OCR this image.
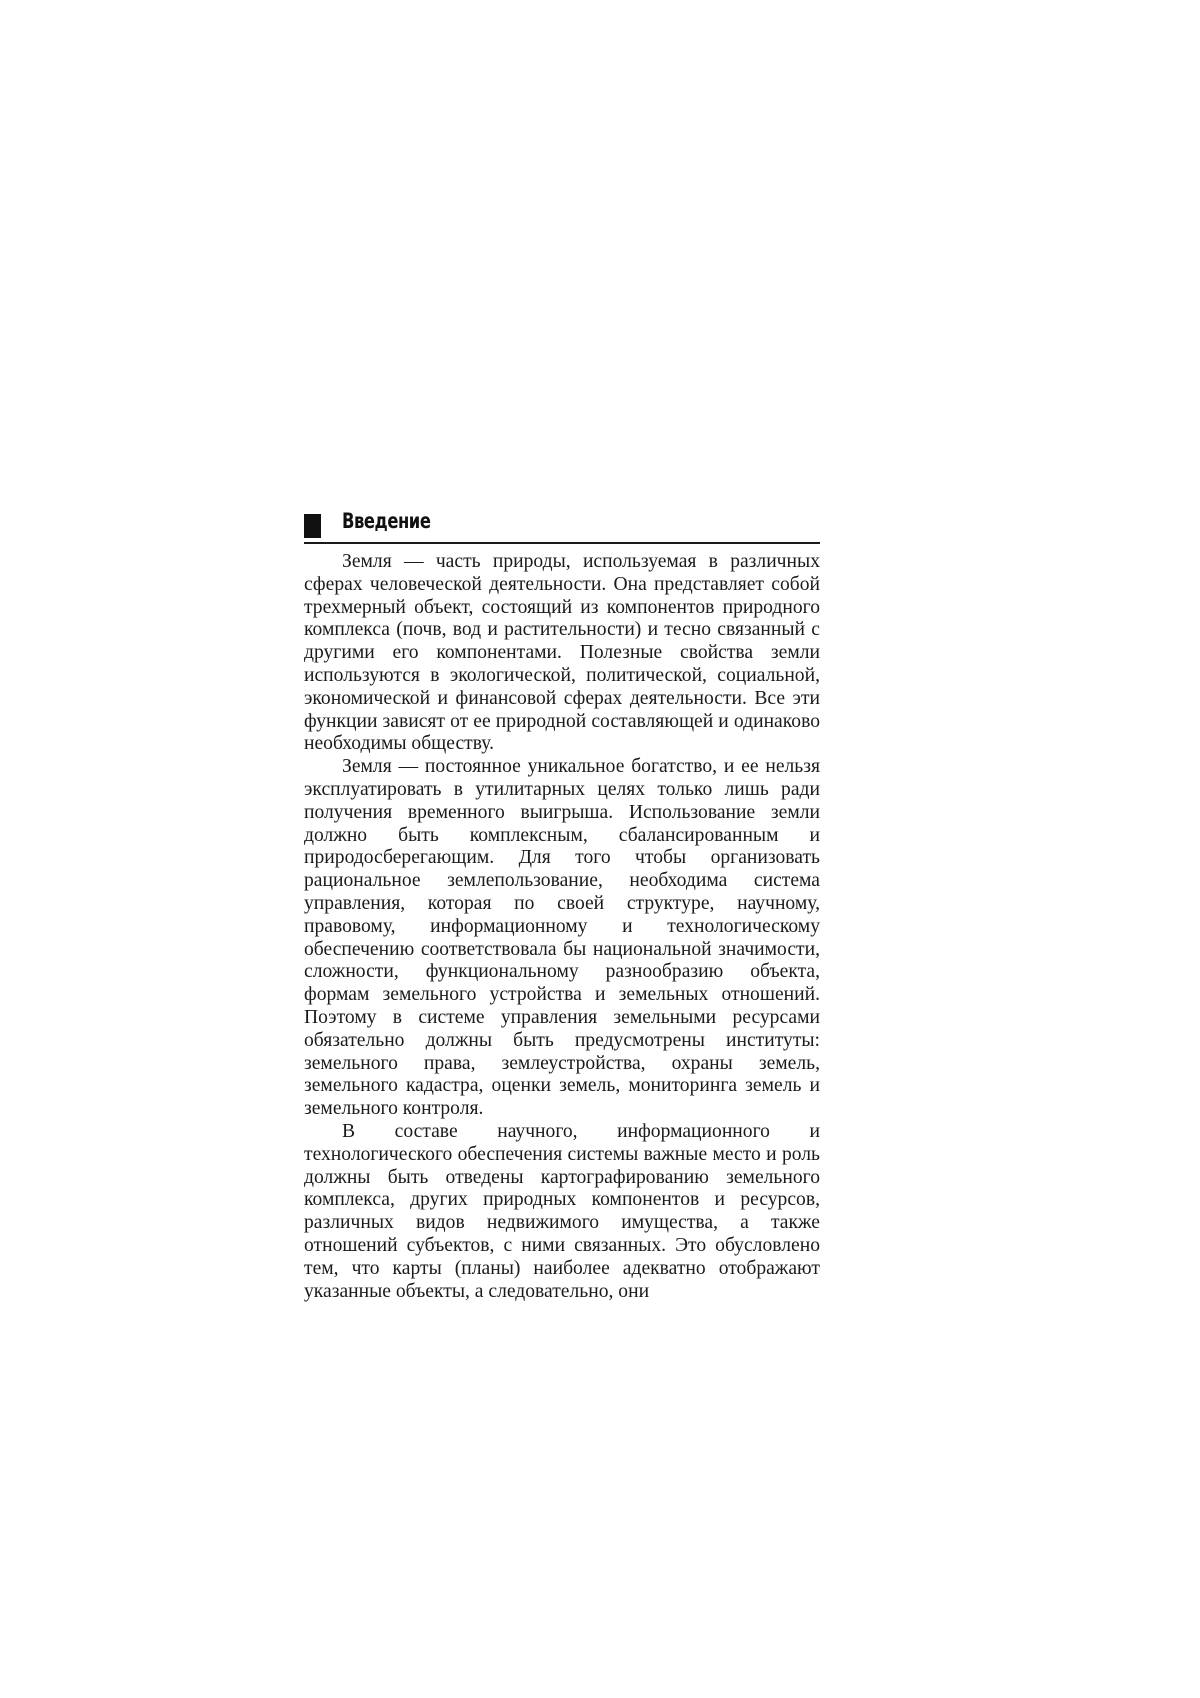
Введение

Земля — часть природы, используемая в различных сферах человеческой деятельности. Она представляет собой трехмерный объект, состоящий из компонентов природного комплекса (почв, вод и растительности) и тесно связанный с другими его компонентами. Полезные свойства земли используются в экологической, политической, социальной, экономической и финансовой сферах деятельности. Все эти функции зависят от ее природной составляющей и одинаково необходимы обществу.

Земля — постоянное уникальное богатство, и ее нельзя эксплуатировать в утилитарных целях только лишь ради получения временного выигрыша. Использование земли должно быть комплексным, сбалансированным и природосберегающим. Для того чтобы организовать рациональное землепользование, необходима система управления, которая по своей структуре, научному, правовому, информационному и технологическому обеспечению соответствовала бы национальной значимости, сложности, функциональному разнообразию объекта, формам земельного устройства и земельных отношений. Поэтому в системе управления земельными ресурсами обязательно должны быть предусмотрены институты: земельного права, землеустройства, охраны земель, земельного кадастра, оценки земель, мониторинга земель и земельного контроля.

В составе научного, информационного и технологического обеспечения системы важные место и роль должны быть отведены картографированию земельного комплекса, других природных компонентов и ресурсов, различных видов недвижимого имущества, а также отношений субъектов, с ними связанных. Это обусловлено тем, что карты (планы) наиболее адекватно отображают указанные объекты, а следовательно, они
